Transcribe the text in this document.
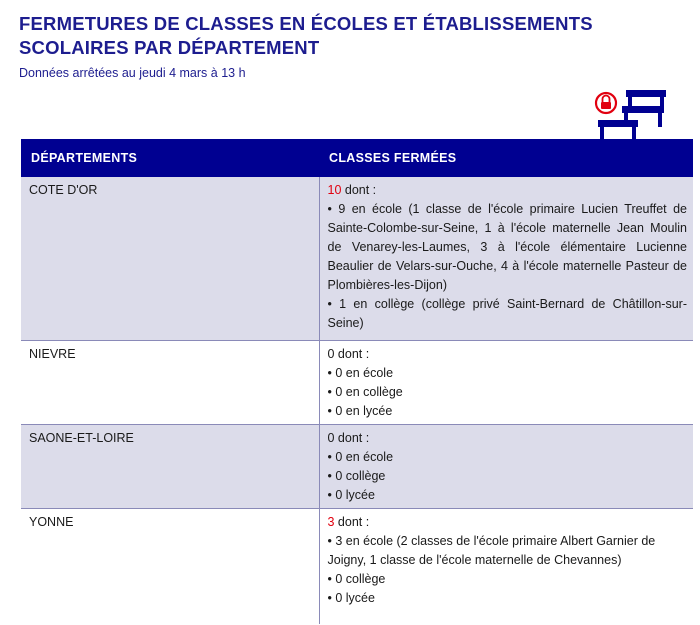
FERMETURES DE CLASSES EN ÉCOLES ET ÉTABLISSEMENTS SCOLAIRES PAR DÉPARTEMENT

Données arrêtées au jeudi 4 mars à 13 h

DÉPARTEMENTS	CLASSES FERMÉES
COTE D'OR	10 dont :
• 9 en école (1 classe de l'école primaire Lucien Treuffet de Sainte-Colombe-sur-Seine, 1 à l'école maternelle Jean Moulin de Venarey-les-Laumes, 3 à l'école élémentaire Lucienne Beaulier de Velars-sur-Ouche, 4 à l'école maternelle Pasteur de Plombières-les-Dijon)
• 1 en collège (collège privé Saint-Bernard de Châtillon-sur-Seine)

NIEVRE	0 dont :
• 0 en école
• 0 en collège
• 0 en lycée

SAONE-ET-LOIRE	0 dont :
• 0 en école
• 0 collège
• 0 lycée

YONNE	3 dont :
• 3 en école (2 classes de l'école primaire Albert Garnier de Joigny, 1 classe de l'école maternelle de Chevannes)
• 0 collège
• 0 lycée
